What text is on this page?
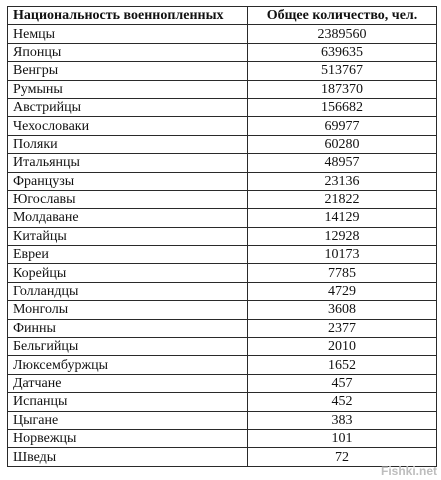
Национальность военнопленных	Общее количество, чел.
Немцы	2389560
Японцы	639635
Венгры	513767
Румыны	187370
Австрийцы	156682
Чехословаки	69977
Поляки	60280
Итальянцы	48957
Французы	23136
Югославы	21822
Молдаване	14129
Китайцы	12928
Евреи	10173
Корейцы	7785
Голландцы	4729
Монголы	3608
Финны	2377
Бельгийцы	2010
Люксембуржцы	1652
Датчане	457
Испанцы	452
Цыгане	383
Норвежцы	101
Шведы	72
Fishki.net
